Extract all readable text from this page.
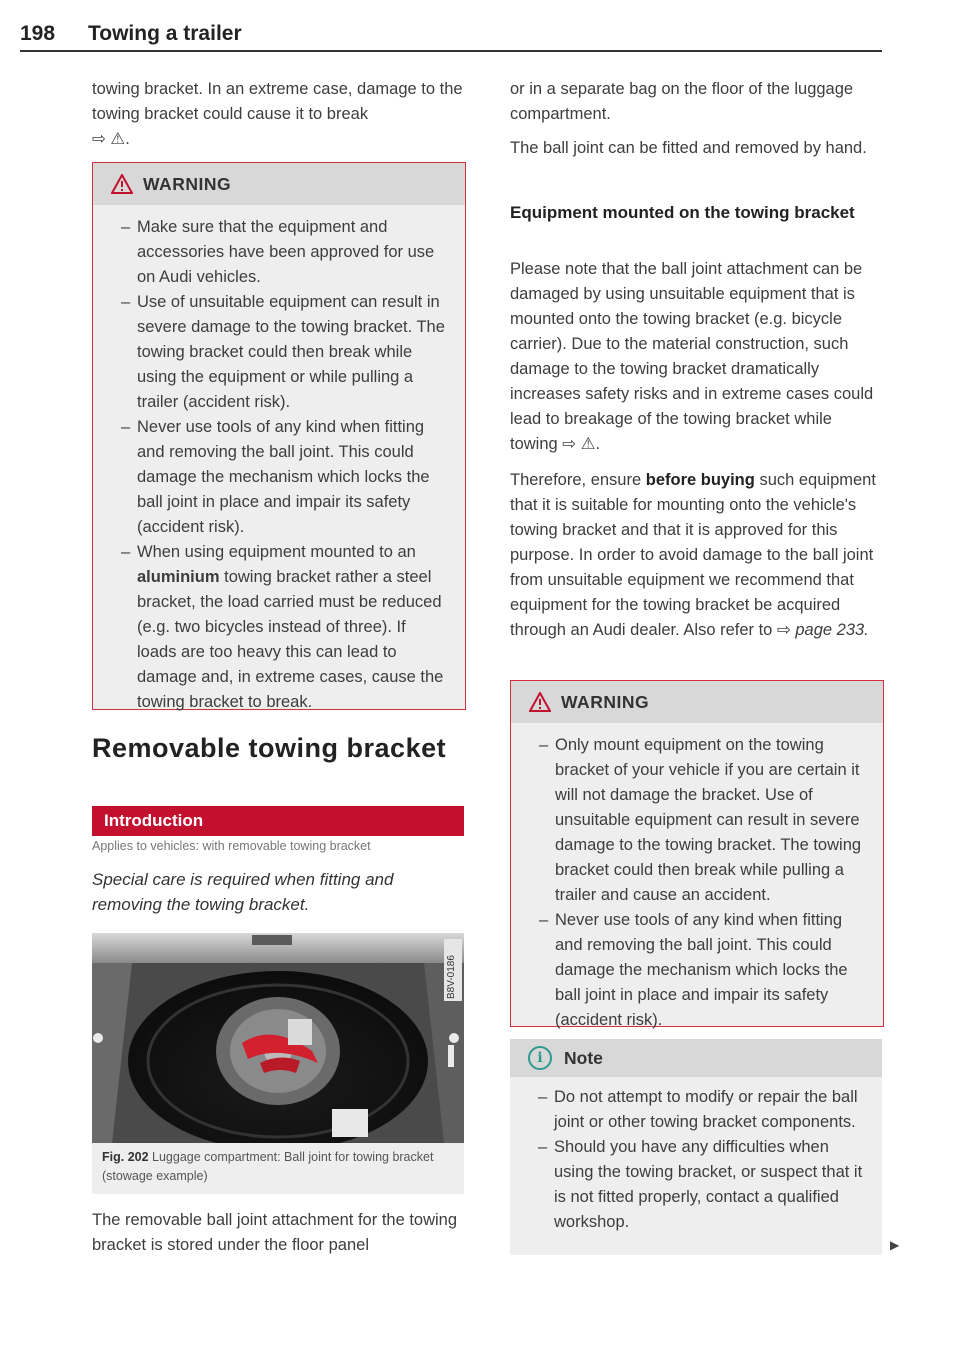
198 Towing a trailer

towing bracket. In an extreme case, damage to the towing bracket could cause it to break
⇨ ⚠.

WARNING
– Make sure that the equipment and accessories have been approved for use on Audi vehicles.
– Use of unsuitable equipment can result in severe damage to the towing bracket. The towing bracket could then break while using the equipment or while pulling a trailer (accident risk).
– Never use tools of any kind when fitting and removing the ball joint. This could damage the mechanism which locks the ball joint in place and impair its safety (accident risk).
– When using equipment mounted to an aluminium towing bracket rather a steel bracket, the load carried must be reduced (e.g. two bicycles instead of three). If loads are too heavy this can lead to damage and, in extreme cases, cause the towing bracket to break.
Removable towing bracket
Introduction
Applies to vehicles: with removable towing bracket

Special care is required when fitting and removing the towing bracket.

B8V-0186
Fig. 202 Luggage compartment: Ball joint for towing bracket (stowage example)

The removable ball joint attachment for the towing bracket is stored under the floor panel

or in a separate bag on the floor of the luggage compartment.

The ball joint can be fitted and removed by hand.

Equipment mounted on the towing bracket

Please note that the ball joint attachment can be damaged by using unsuitable equipment that is mounted onto the towing bracket (e.g. bicycle carrier). Due to the material construction, such damage to the towing bracket dramatically increases safety risks and in extreme cases could lead to breakage of the towing bracket while towing ⇨ ⚠.

Therefore, ensure before buying such equipment that it is suitable for mounting onto the vehicle's towing bracket and that it is approved for this purpose. In order to avoid damage to the ball joint from unsuitable equipment we recommend that equipment for the towing bracket be acquired through an Audi dealer. Also refer to ⇨ page 233.

WARNING
– Only mount equipment on the towing bracket of your vehicle if you are certain it will not damage the bracket. Use of unsuitable equipment can result in severe damage to the towing bracket. The towing bracket could then break while pulling a trailer and cause an accident.
– Never use tools of any kind when fitting and removing the ball joint. This could damage the mechanism which locks the ball joint in place and impair its safety (accident risk).
i	Note
– Do not attempt to modify or repair the ball joint or other towing bracket components.
– Should you have any difficulties when using the towing bracket, or suspect that it is not fitted properly, contact a qualified workshop.
▶
